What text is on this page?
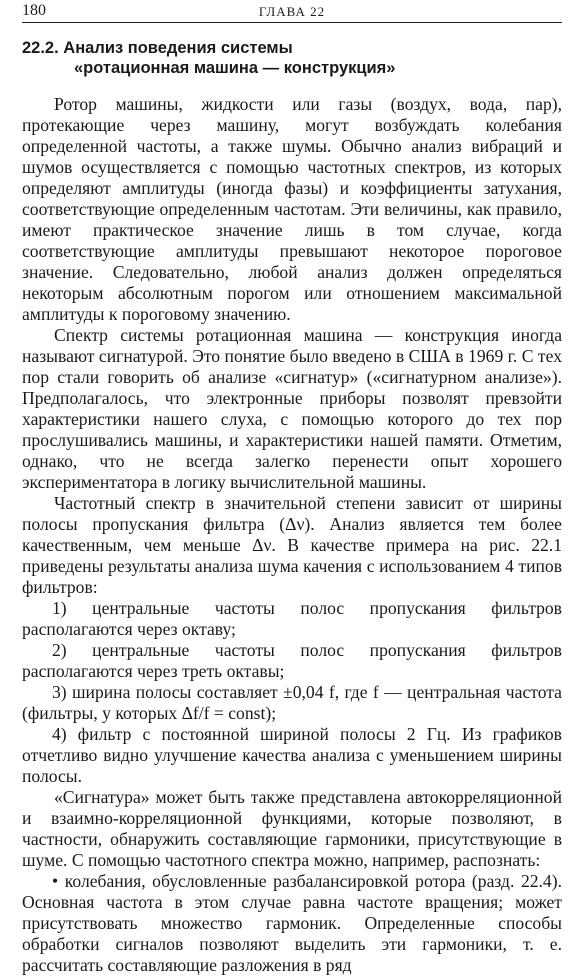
180	ГЛАВА 22
22.2. Анализ поведения системы
«ротационная машина — конструкция»

Ротор машины, жидкости или газы (воздух, вода, пар), протекающие через машину, могут возбуждать колебания определенной частоты, а также шумы. Обычно анализ вибраций и шумов осуществляется с помощью частотных спектров, из которых определяют амплитуды (иногда фазы) и коэффициенты затухания, соответствующие определенным частотам. Эти величины, как правило, имеют практическое значение лишь в том случае, когда соответствующие амплитуды превышают некоторое пороговое значение. Следовательно, любой анализ должен определяться некоторым абсолютным порогом или отношением максимальной амплитуды к пороговому значению.

Спектр системы ротационная машина — конструкция иногда называют сигнатурой. Это понятие было введено в США в 1969 г. С тех пор стали говорить об анализе «сигнатур» («сигнатурном анализе»). Предполагалось, что электронные приборы позволят превзойти характеристики нашего слуха, с помощью которого до тех пор прослушивались машины, и характеристики нашей памяти. Отметим, однако, что не всегда залегко перенести опыт хорошего экспериментатора в логику вычислительной машины.

Частотный спектр в значительной степени зависит от ширины полосы пропускания фильтра (Δν). Анализ является тем более качественным, чем меньше Δν. В качестве примера на рис. 22.1 приведены результаты анализа шума качения с использованием 4 типов фильтров:

1) центральные частоты полос пропускания фильтров располагаются через октаву;

2) центральные частоты полос пропускания фильтров располагаются через треть октавы;

3) ширина полосы составляет ±0,04 f, где f — центральная частота (фильтры, у которых Δf/f = const);

4) фильтр с постоянной шириной полосы 2 Гц. Из графиков отчетливо видно улучшение качества анализа с уменьшением ширины полосы.

«Сигнатура» может быть также представлена автокорреляционной и взаимно-корреляционной функциями, которые позволяют, в частности, обнаружить составляющие гармоники, присутствующие в шуме. С помощью частотного спектра можно, например, распознать:

• колебания, обусловленные разбалансировкой ротора (разд. 22.4). Основная частота в этом случае равна частоте вращения; может присутствовать множество гармоник. Определенные способы обработки сигналов позволяют выделить эти гармоники, т. е. рассчитать составляющие разложения в ряд
